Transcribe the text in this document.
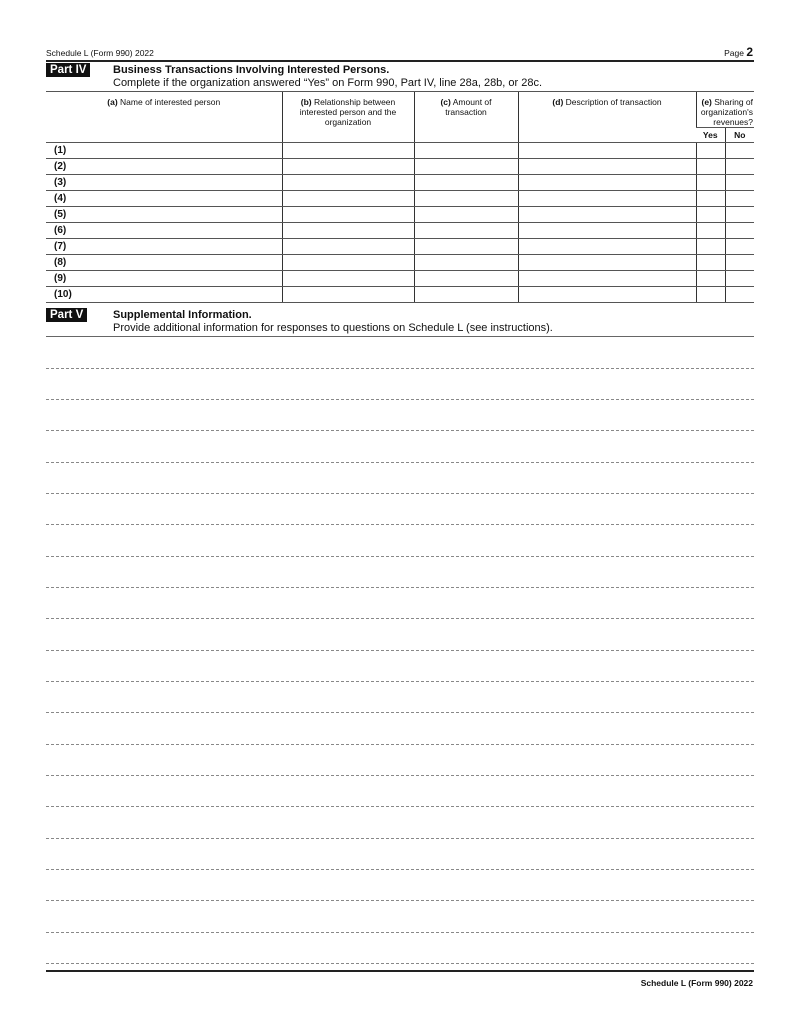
Schedule L (Form 990) 2022	Page 2
Part IV	Business Transactions Involving Interested Persons.
Complete if the organization answered “Yes” on Form 990, Part IV, line 28a, 28b, or 28c.
(a) Name of interested person	(b) Relationship between interested person and the organization	(c) Amount of transaction	(d) Description of transaction	(e) Sharing of organization's revenues?	
				Yes	No
(1)					
(2)					
(3)					
(4)					
(5)					
(6)					
(7)					
(8)					
(9)					
(10)					
Part V	Supplemental Information.
Provide additional information for responses to questions on Schedule L (see instructions).
Schedule L (Form 990) 2022
